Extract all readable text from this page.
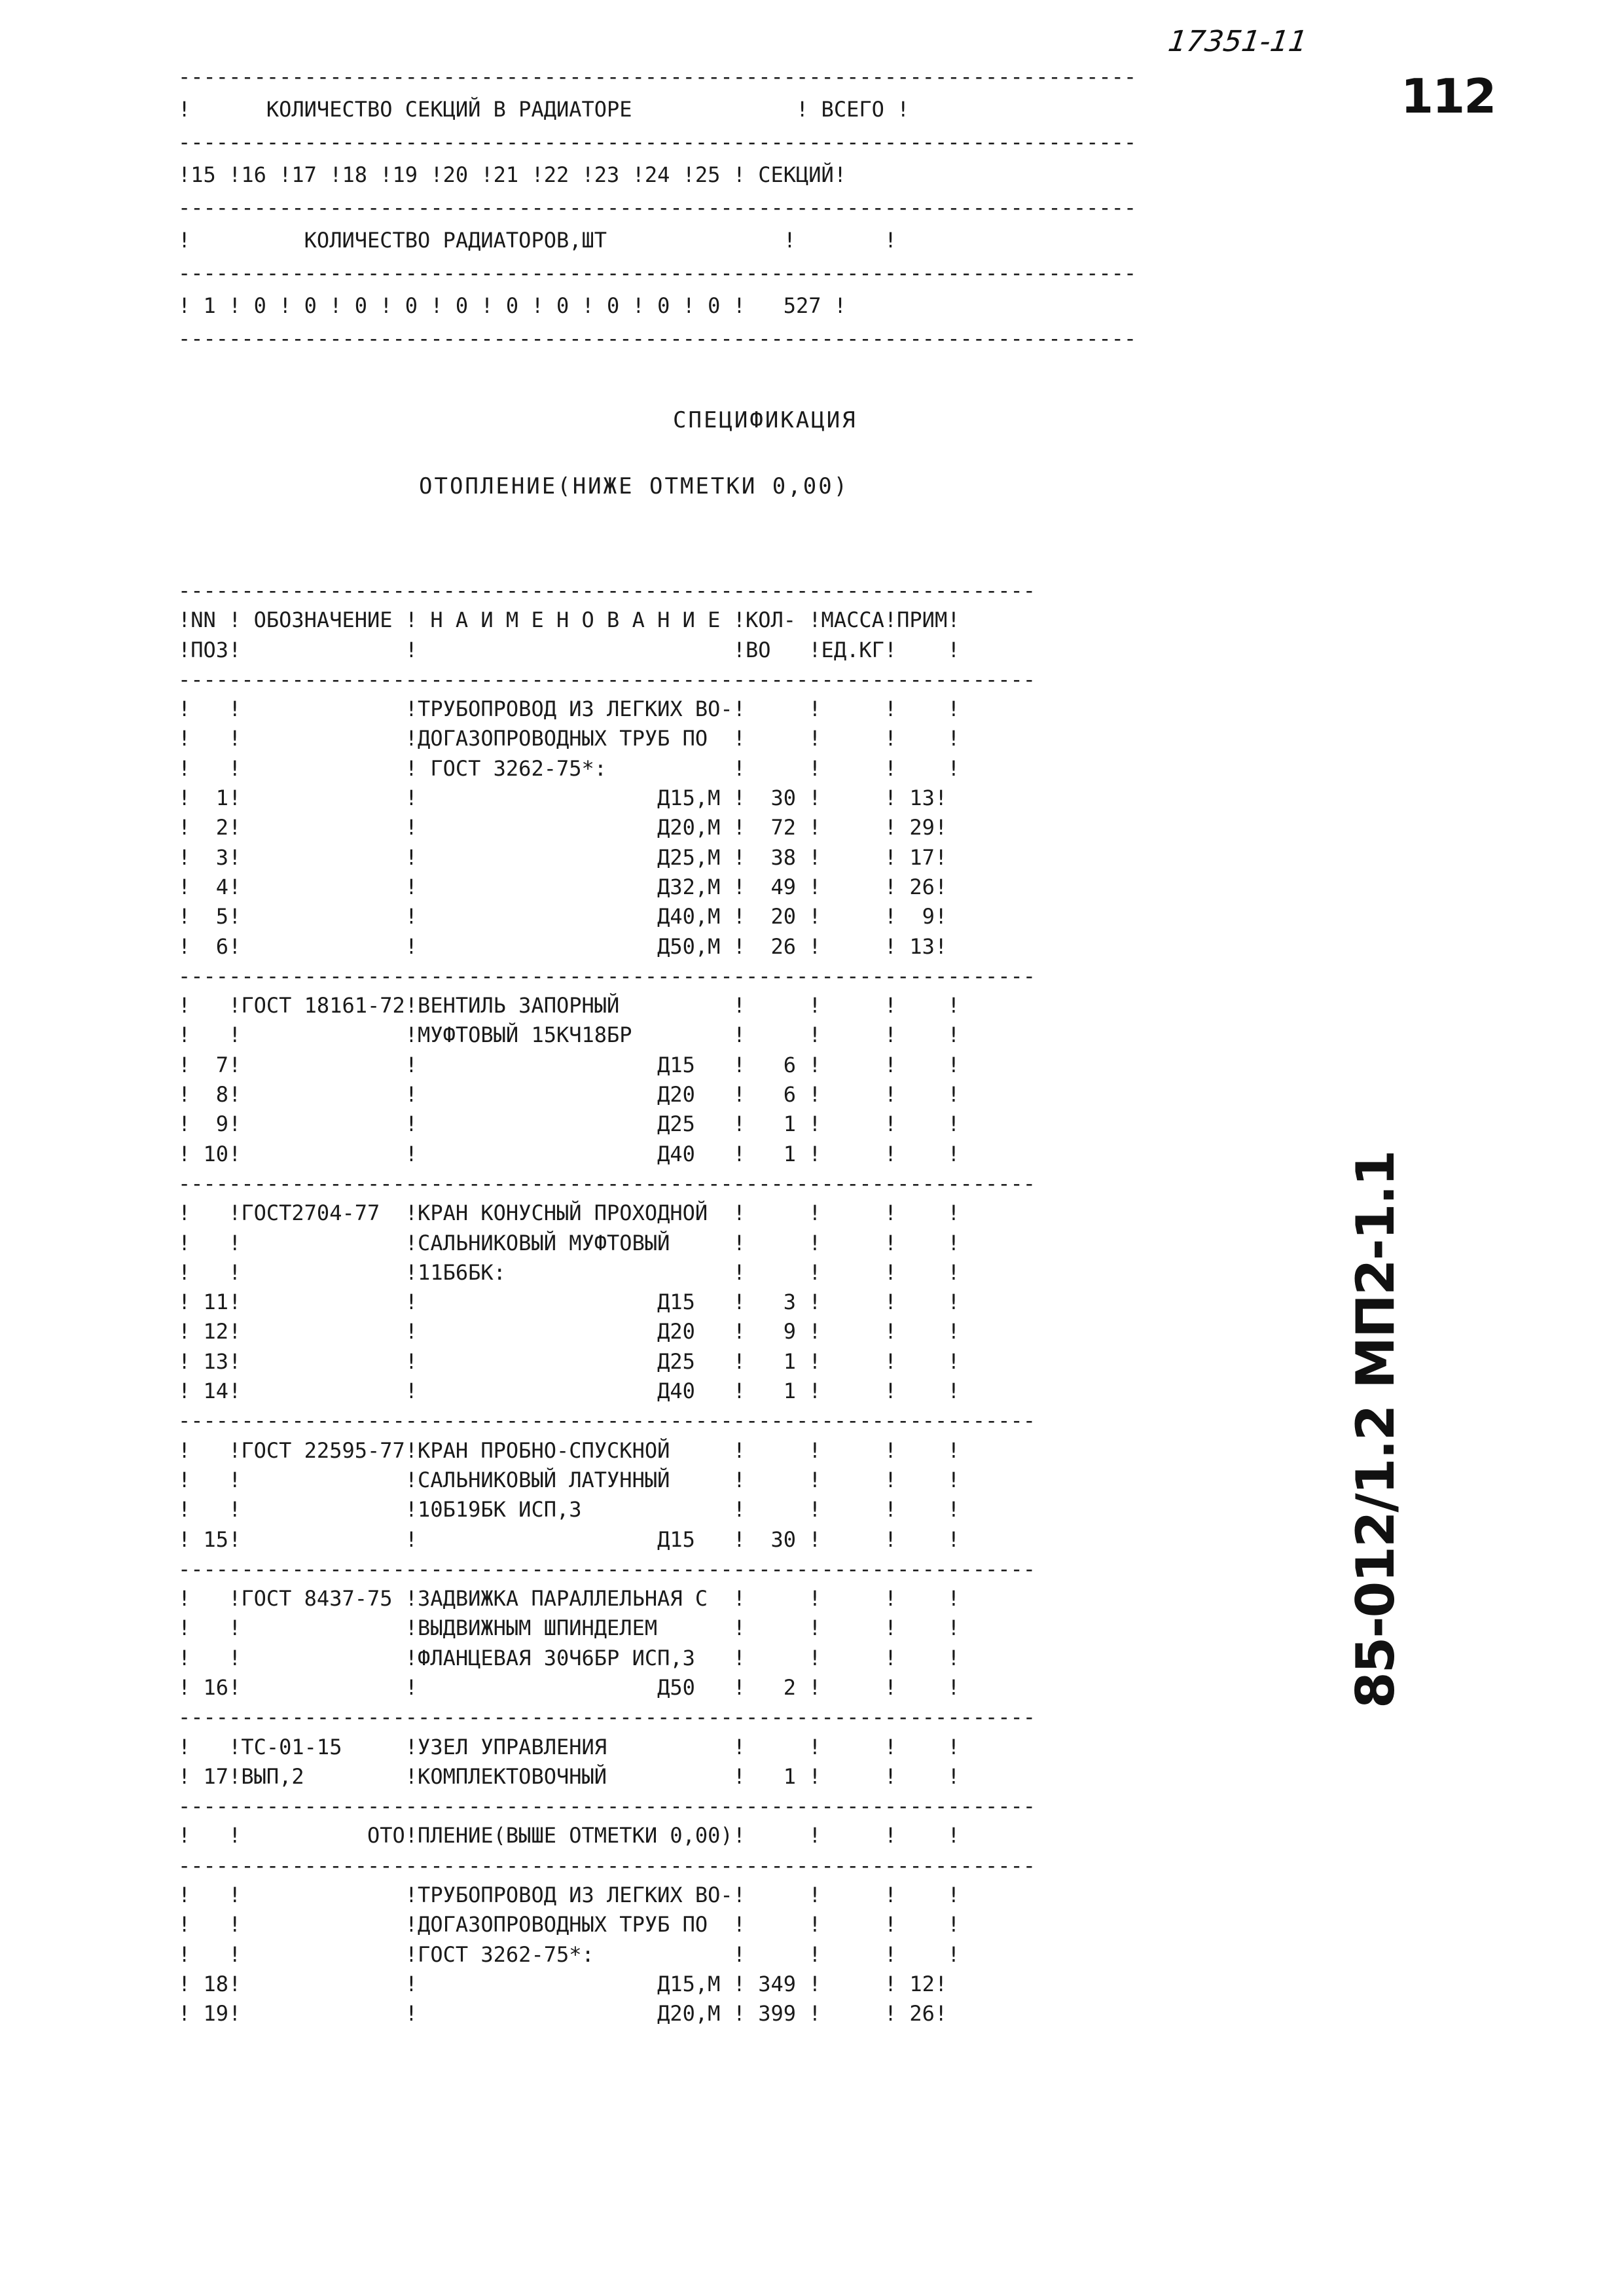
17351-11
112
85-012/1.2 МП2-1.1
----------------------------------------------------------------------------
!      КОЛИЧЕСТВО СЕКЦИЙ В РАДИАТОРЕ             ! ВСЕГО !
----------------------------------------------------------------------------
!15 !16 !17 !18 !19 !20 !21 !22 !23 !24 !25 ! СЕКЦИЙ!
----------------------------------------------------------------------------
!         КОЛИЧЕСТВО РАДИАТОРОВ,ШТ              !       !
----------------------------------------------------------------------------
! 1 ! 0 ! 0 ! 0 ! 0 ! 0 ! 0 ! 0 ! 0 ! 0 ! 0 !   527 !
----------------------------------------------------------------------------
СПЕЦИФИКАЦИЯ
ОТОПЛЕНИЕ(НИЖЕ ОТМЕТКИ 0,00)
--------------------------------------------------------------------
!NN ! ОБОЗНАЧЕНИЕ ! Н А И М Е Н О В А Н И Е !КОЛ- !МАССА!ПРИМ!
!ПОЗ!             !                         !ВО   !ЕД.КГ!    !
--------------------------------------------------------------------
!   !             !ТРУБОПРОВОД ИЗ ЛЕГКИХ ВО-!     !     !    !
!   !             !ДОГАЗОПРОВОДНЫХ ТРУБ ПО  !     !     !    !
!   !             ! ГОСТ 3262-75*:          !     !     !    !
!  1!             !                   Д15,М !  30 !     ! 13!
!  2!             !                   Д20,М !  72 !     ! 29!
!  3!             !                   Д25,М !  38 !     ! 17!
!  4!             !                   Д32,М !  49 !     ! 26!
!  5!             !                   Д40,М !  20 !     !  9!
!  6!             !                   Д50,М !  26 !     ! 13!
--------------------------------------------------------------------
!   !ГОСТ 18161-72!ВЕНТИЛЬ ЗАПОРНЫЙ         !     !     !    !
!   !             !МУФТОВЫЙ 15КЧ18БР        !     !     !    !
!  7!             !                   Д15   !   6 !     !    !
!  8!             !                   Д20   !   6 !     !    !
!  9!             !                   Д25   !   1 !     !    !
! 10!             !                   Д40   !   1 !     !    !
--------------------------------------------------------------------
!   !ГОСТ2704-77  !КРАН КОНУСНЫЙ ПРОХОДНОЙ  !     !     !    !
!   !             !САЛЬНИКОВЫЙ МУФТОВЫЙ     !     !     !    !
!   !             !11Б6БК:                  !     !     !    !
! 11!             !                   Д15   !   3 !     !    !
! 12!             !                   Д20   !   9 !     !    !
! 13!             !                   Д25   !   1 !     !    !
! 14!             !                   Д40   !   1 !     !    !
--------------------------------------------------------------------
!   !ГОСТ 22595-77!КРАН ПРОБНО-СПУСКНОЙ     !     !     !    !
!   !             !САЛЬНИКОВЫЙ ЛАТУННЫЙ     !     !     !    !
!   !             !10Б19БК ИСП,3            !     !     !    !
! 15!             !                   Д15   !  30 !     !    !
--------------------------------------------------------------------
!   !ГОСТ 8437-75 !ЗАДВИЖКА ПАРАЛЛЕЛЬНАЯ С  !     !     !    !
!   !             !ВЫДВИЖНЫМ ШПИНДЕЛЕМ      !     !     !    !
!   !             !ФЛАНЦЕВАЯ 30Ч6БР ИСП,3   !     !     !    !
! 16!             !                   Д50   !   2 !     !    !
--------------------------------------------------------------------
!   !ТС-01-15     !УЗЕЛ УПРАВЛЕНИЯ          !     !     !    !
! 17!ВЫП,2        !КОМПЛЕКТОВОЧНЫЙ          !   1 !     !    !
--------------------------------------------------------------------
!   !          ОТО!ПЛЕНИЕ(ВЫШЕ ОТМЕТКИ 0,00)!     !     !    !
--------------------------------------------------------------------
!   !             !ТРУБОПРОВОД ИЗ ЛЕГКИХ ВО-!     !     !    !
!   !             !ДОГАЗОПРОВОДНЫХ ТРУБ ПО  !     !     !    !
!   !             !ГОСТ 3262-75*:           !     !     !    !
! 18!             !                   Д15,М ! 349 !     ! 12!
! 19!             !                   Д20,М ! 399 !     ! 26!
